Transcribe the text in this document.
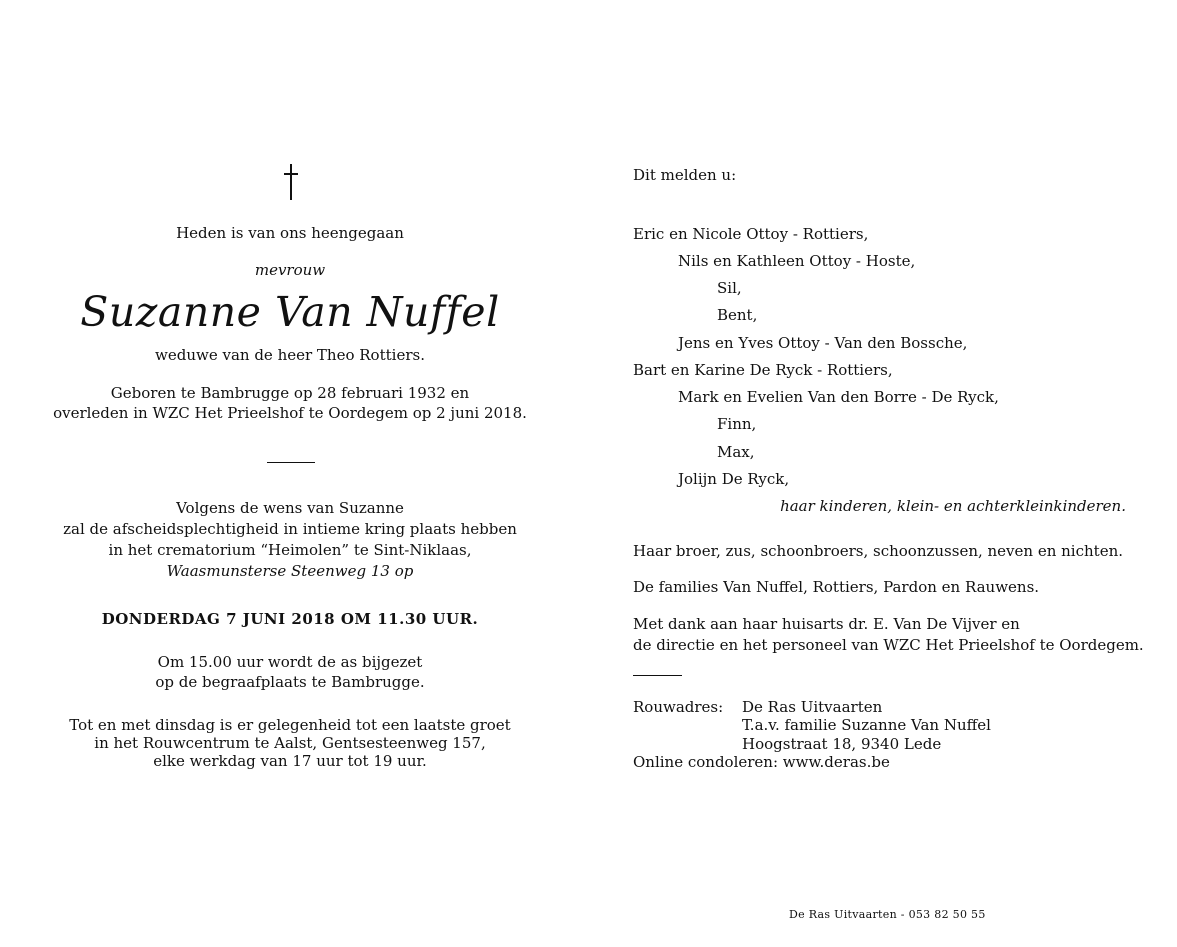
Heden is van ons heengegaan
mevrouw
Suzanne Van Nuffel
weduwe van de heer Theo Rottiers.
Geboren te Bambrugge op 28 februari 1932 en
overleden in WZC Het Prieelshof te Oordegem op 2 juni 2018.
Volgens de wens van Suzanne
zal de afscheidsplechtigheid in intieme kring plaats hebben
in het crematorium “Heimolen” te Sint-Niklaas,
Waasmunsterse Steenweg 13 op
DONDERDAG 7 JUNI 2018 OM 11.30 UUR.
Om 15.00 uur wordt de as bijgezet
op de begraafplaats te Bambrugge.
Tot en met dinsdag is er gelegenheid tot een laatste groet
in het Rouwcentrum te Aalst, Gentsesteenweg 157,
elke werkdag van 17 uur tot 19 uur.
Dit melden u:
Eric en Nicole Ottoy - Rottiers,
Nils en Kathleen Ottoy - Hoste,
Sil,
Bent,
Jens en Yves Ottoy - Van den Bossche,
Bart en Karine De Ryck - Rottiers,
Mark en Evelien Van den Borre - De Ryck,
Finn,
Max,
Jolijn De Ryck,
haar kinderen, klein- en achterkleinkinderen.
Haar broer, zus, schoonbroers, schoonzussen, neven en nichten.
De families Van Nuffel, Rottiers, Pardon en Rauwens.
Met dank aan haar huisarts dr. E. Van De Vijver en
de directie en het personeel van WZC Het Prieelshof te Oordegem.
Rouwadres: De Ras Uitvaarten
T.a.v. familie Suzanne Van Nuffel
Hoogstraat 18, 9340 Lede
Online condoleren: www.deras.be
De Ras Uitvaarten - 053 82 50 55
